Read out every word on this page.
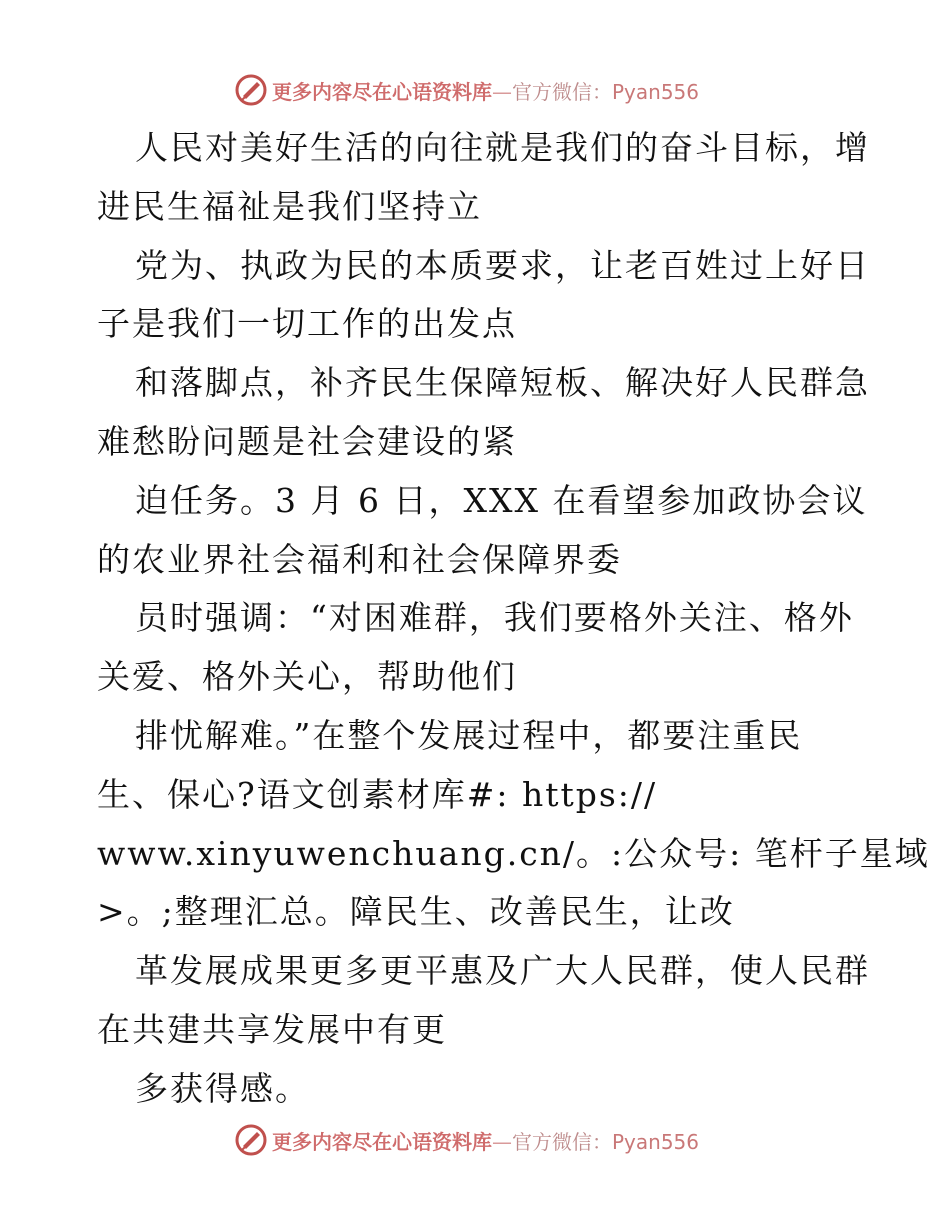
更多内容尽在心语资料库—官方微信：Pyan556
人民对美好生活的向往就是我们的奋斗目标，增
进民生福祉是我们坚持立
党为、执政为民的本质要求，让老百姓过上好日
子是我们一切工作的出发点
和落脚点，补齐民生保障短板、解决好人民群急
难愁盼问题是社会建设的紧
迫任务。3 月 6 日，XXX 在看望参加政协会议
的农业界社会福利和社会保障界委
员时强调：“对困难群，我们要格外关注、格外
关爱、格外关心，帮助他们
排忧解难。”在整个发展过程中，都要注重民
生、保心?语文创素材库#: https://
www.xinyuwenchuang.cn/。:公众号: 笔杆子星域
>。;整理汇总。障民生、改善民生，让改
革发展成果更多更平惠及广大人民群，使人民群
在共建共享发展中有更
多获得感。
更多内容尽在心语资料库—官方微信：Pyan556
